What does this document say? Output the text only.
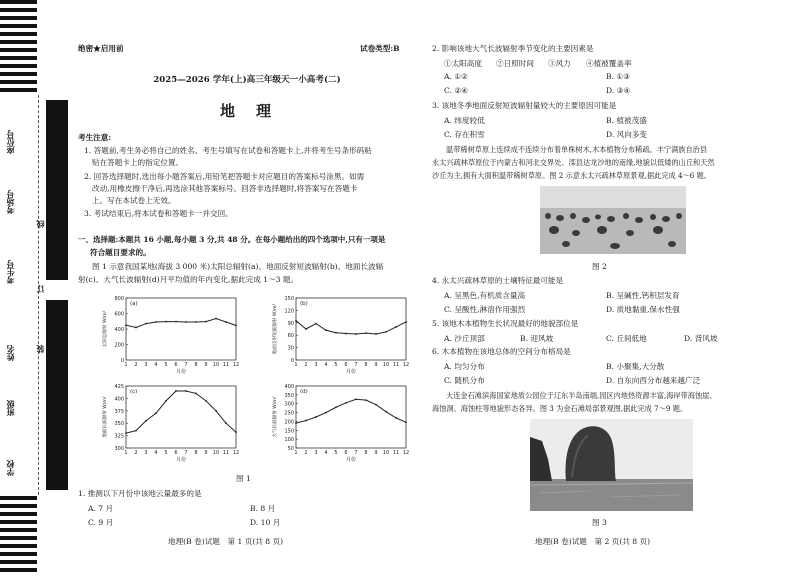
座位号
考场号
考生号
姓名
班级
学校
线
订
装
绝密★启用前	试卷类型:B
2025—2026 学年(上)高三年级天一小高考(二)
地　理
考生注意:
1. 答题前,考生务必将自己的姓名、考生号填写在试卷和答题卡上,并将考生号条形码粘
贴在答题卡上的指定位置。
2. 回答选择题时,选出每小题答案后,用铅笔把答题卡对应题目的答案标号涂黑。如需
改动,用橡皮擦干净后,再选涂其他答案标号。回答非选择题时,将答案写在答题卡
上。写在本试卷上无效。
3. 考试结束后,将本试卷和答题卡一并交回。
一、选择题:本题共 16 小题,每小题 3 分,共 48 分。在每小题给出的四个选项中,只有一项是
符合题目要求的。
图 1 示意我国某地(海拔 3 000 米)太阳总辐射(a)、地面反射短波辐射(b)、地面长波辐
射(c)、大气长波辐射(d)月平均值的年内变化,据此完成 1～3 题。
0
200
400
600
800
1 2 3 4 5 6 7 8 9 10 11 12
(a)
月份
太阳总辐射 W/m²
0
30
60
90
120
150
1 2 3 4 5 6 7 8 9 10 11 12
(b)
月份
地面反射短波辐射 W/m²
300
325
350
375
400
425
1 2 3 4 5 6 7 8 9 10 11 12
(c)
月份
地面长波辐射 W/m²
50
100
150
200
250
300
350
400
1 2 3 4 5 6 7 8 9 10 11 12
(d)
月份
大气长波辐射 W/m²
图 1
1. 推测以下月份中该地云量最多的是
A. 7 月	B. 8 月
C. 9 月	D. 10 月
地理(B 卷)试题　第 1 页(共 8 页)
2. 影响该地大气长波辐射季节变化的主要因素是
①太阳高度 ②日照时间 ③风力 ④植被覆盖率
A. ①②	B. ①③
C. ②④	D. ③④
3. 该地冬季地面反射短波辐射量较大的主要原因可能是
A. 纬度较低	B. 植被茂盛
C. 存在积雪	D. 风向多变
温带稀树草原上连续成不连续分布着单株树木,木本植物分布稀疏。丰宁满族自治县
永太兴疏林草原位于内蒙古和河北交界处、滦县达龙沙地的南缘,地貌以低矮的山丘和天然
沙丘为主,拥有大面积温带稀树草原。图 2 示意永太兴疏林草原景观,据此完成 4～6 题。
图 2
4. 永太兴疏林草原的土壤特征最可能是
A. 呈黑色,有机质含量高	B. 呈碱性,钙积层发育
C. 呈酸性,淋溶作用强烈	D. 质地黏重,保水性强
5. 该地木本植物生长状况最好的地貌部位是
A. 沙丘顶部	B. 迎风坡	C. 丘间低地	D. 背风坡
6. 木本植物在该地总体的空间分布格局是
A. 均匀分布	B. 小聚集,大分散
C. 随机分布	D. 自东向西分布越来越广泛
大连金石滩滨海国家地质公园位于辽东半岛南端,园区内地热资源丰富,海岸带海蚀崖、
海蚀洞、海蚀柱等地貌形态各异。图 3 为金石滩局部景观图,据此完成 7～9 题。
图 3
地理(B 卷)试题　第 2 页(共 8 页)
